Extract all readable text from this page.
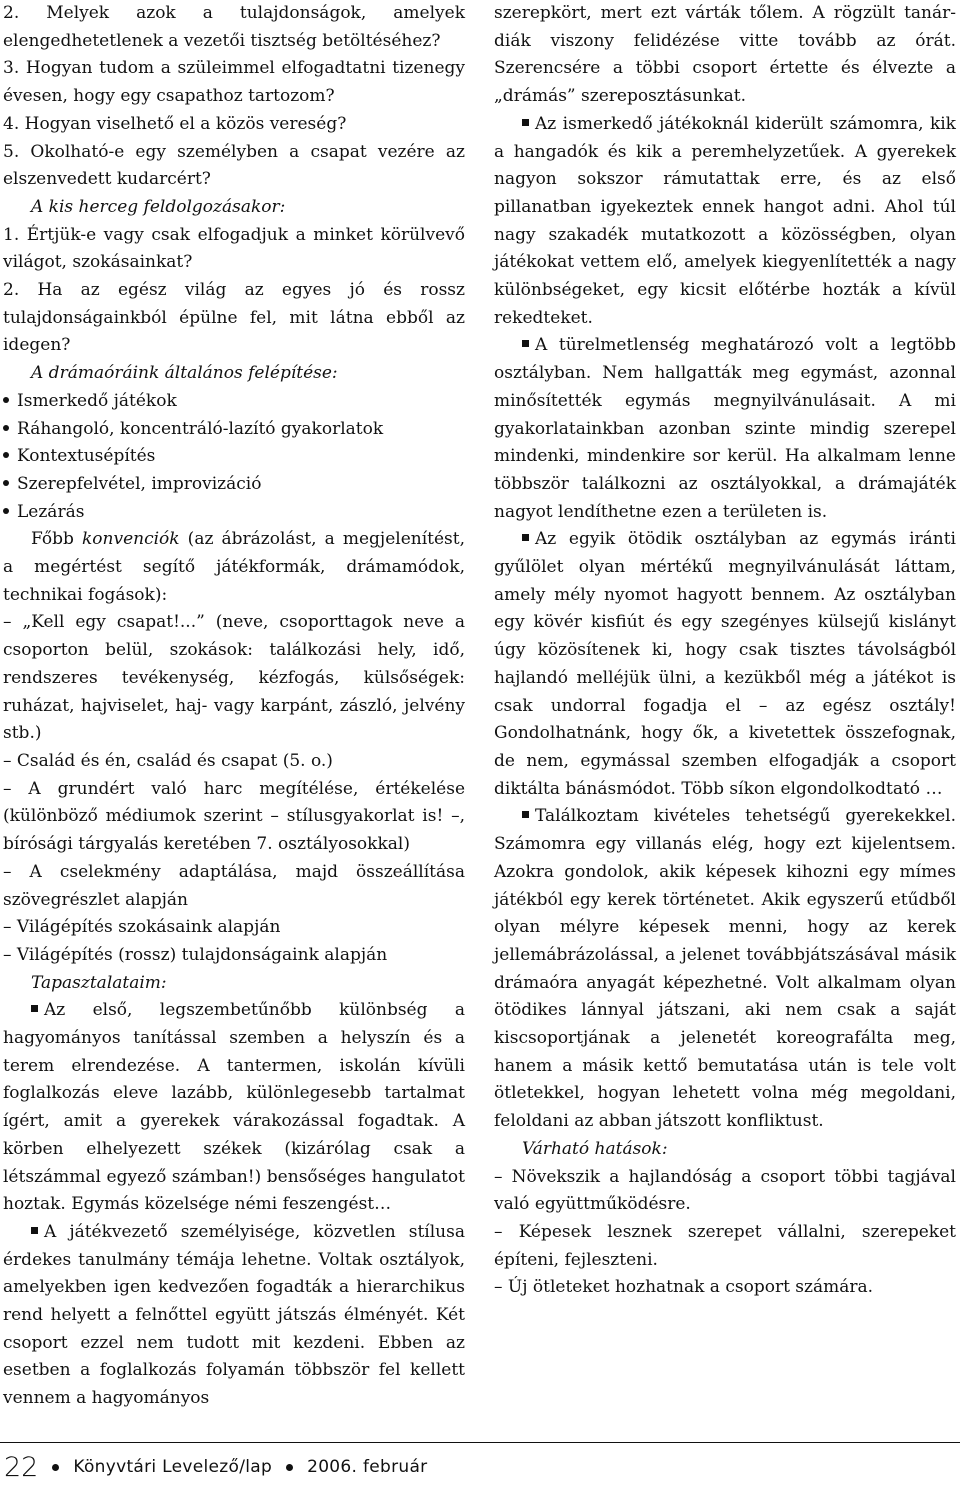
2. Melyek azok a tulajdonságok, amelyek elengedhetetlenek a vezetői tisztség betöltéséhez?

3. Hogyan tudom a szüleimmel elfogadtatni tizenegy évesen, hogy egy csapathoz tartozom?

4. Hogyan viselhető el a közös vereség?

5. Okolható-e egy személyben a csapat vezére az elszenvedett kudarcért?

A kis herceg feldolgozásakor:

1. Értjük-e vagy csak elfogadjuk a minket körülvevő világot, szokásainkat?

2. Ha az egész világ az egyes jó és rossz tulajdonságainkból épülne fel, mit látna ebből az idegen?

A drámaóráink általános felépítése:

Ismerkedő játékok

Ráhangoló, koncentráló-lazító gyakorlatok

Kontextusépítés

Szerepfelvétel, improvizáció

Lezárás

Főbb konvenciók (az ábrázolást, a megjelenítést, a megértést segítő játékformák, drámamódok, technikai fogások):

– „Kell egy csapat!...” (neve, csoporttagok neve a csoporton belül, szokások: találkozási hely, idő, rendszeres tevékenység, kézfogás, külsőségek: ruházat, hajviselet, haj- vagy karpánt, zászló, jelvény stb.)

– Család és én, család és csapat (5. o.)

– A grundért való harc megítélése, értékelése (különböző médiumok szerint – stílusgyakorlat is! –, bírósági tárgyalás keretében 7. osztályosokkal)

– A cselekmény adaptálása, majd összeállítása szövegrészlet alapján

– Világépítés szokásaink alapján

– Világépítés (rossz) tulajdonságaink alapján

Tapasztalataim:

Az első, legszembetűnőbb különbség a hagyományos tanítással szemben a helyszín és a terem elrendezése. A tantermen, iskolán kívüli foglalkozás eleve lazább, különlegesebb tartalmat ígért, amit a gyerekek várakozással fogadtak. A körben elhelyezett székek (kizárólag csak a létszámmal egyező számban!) bensőséges hangulatot hoztak. Egymás közelsége némi feszengést…

A játékvezető személyisége, közvetlen stílusa érdekes tanulmány témája lehetne. Voltak osztályok, amelyekben igen kedvezően fogadták a hierarchikus rend helyett a felnőttel együtt játszás élményét. Két csoport ezzel nem tudott mit kezdeni. Ebben az esetben a foglalkozás folyamán többször fel kellett vennem a hagyományos

szerepkört, mert ezt várták tőlem. A rögzült tanár-diák viszony felidézése vitte tovább az órát. Szerencsére a többi csoport értette és élvezte a „drámás” szereposztásunkat.

Az ismerkedő játékoknál kiderült számomra, kik a hangadók és kik a peremhelyzetűek. A gyerekek nagyon sokszor rámutattak erre, és az első pillanatban igyekeztek ennek hangot adni. Ahol túl nagy szakadék mutatkozott a közösségben, olyan játékokat vettem elő, amelyek kiegyenlítették a nagy különbségeket, egy kicsit előtérbe hozták a kívül rekedteket.

A türelmetlenség meghatározó volt a legtöbb osztályban. Nem hallgatták meg egymást, azonnal minősítették egymás megnyilvánulásait. A mi gyakorlatainkban azonban szinte mindig szerepel mindenki, mindenkire sor kerül. Ha alkalmam lenne többször találkozni az osztályokkal, a drámajáték nagyot lendíthetne ezen a területen is.

Az egyik ötödik osztályban az egymás iránti gyűlölet olyan mértékű megnyilvánulását láttam, amely mély nyomot hagyott bennem. Az osztályban egy kövér kisfiút és egy szegényes külsejű kislányt úgy közösítenek ki, hogy csak tisztes távolságból hajlandó melléjük ülni, a kezükből még a játékot is csak undorral fogadja el – az egész osztály! Gondolhatnánk, hogy ők, a kivetettek összefognak, de nem, egymással szemben elfogadják a csoport diktálta bánásmódot. Több síkon elgondolkodtató …

Találkoztam kivételes tehetségű gyerekekkel. Számomra egy villanás elég, hogy ezt kijelentsem. Azokra gondolok, akik képesek kihozni egy mímes játékból egy kerek történetet. Akik egyszerű etűdből olyan mélyre képesek menni, hogy az kerek jellemábrázolással, a jelenet továbbjátszásával másik drámaóra anyagát képezhetné. Volt alkalmam olyan ötödikes lánnyal játszani, aki nem csak a saját kiscsoportjának a jelenetét koreografálta meg, hanem a másik kettő bemutatása után is tele volt ötletekkel, hogyan lehetett volna még megoldani, feloldani az abban játszott konfliktust.

Várható hatások:

– Növekszik a hajlandóság a csoport többi tagjával való együttműködésre.

– Képesek lesznek szerepet vállalni, szerepeket építeni, fejleszteni.

– Új ötleteket hozhatnak a csoport számára.

22 Könyvtári Levelező/lap 2006. február
